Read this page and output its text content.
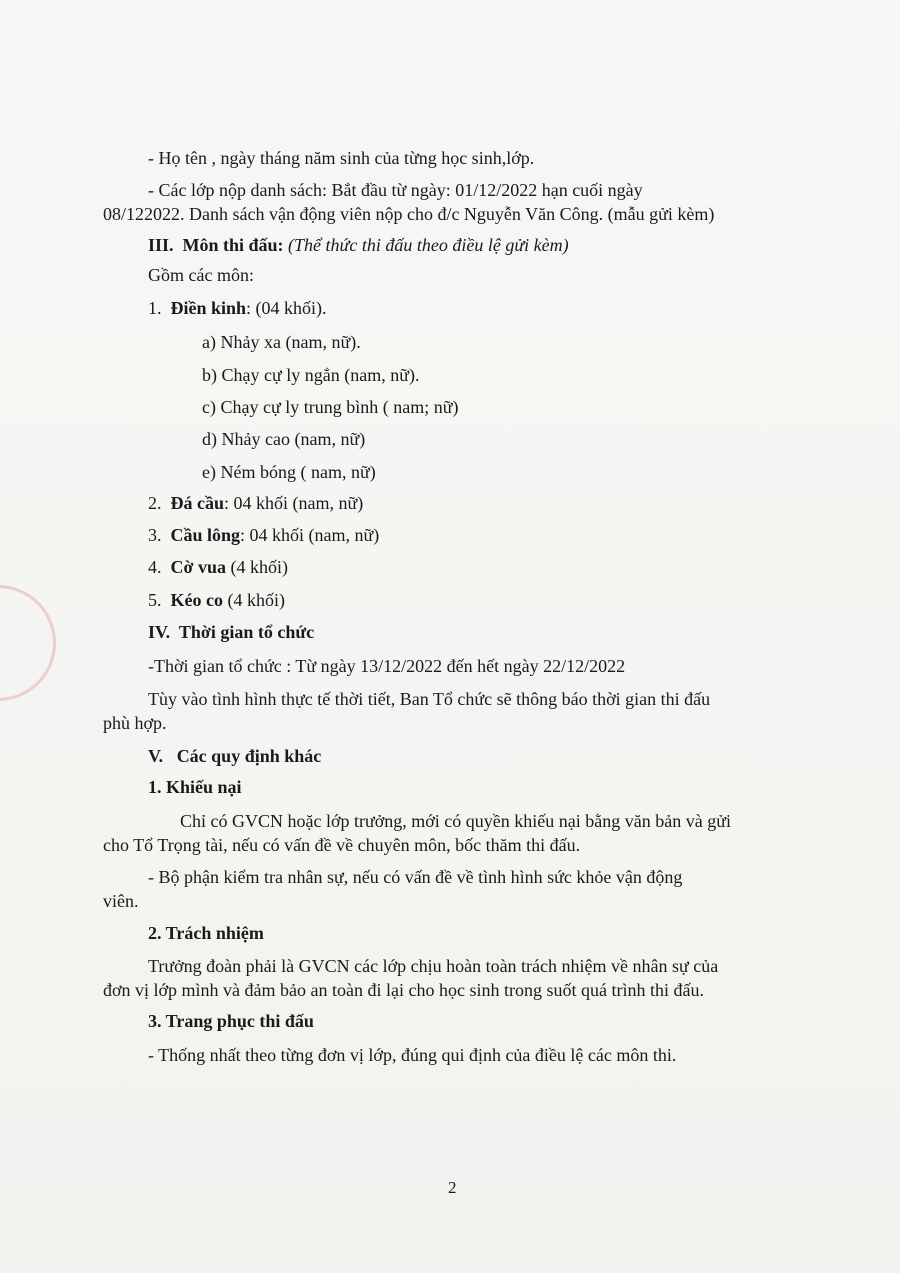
- Họ tên , ngày tháng năm sinh của từng học sinh,lớp.
- Các lớp nộp danh sách: Bắt đầu từ ngày: 01/12/2022 hạn cuối ngày
08/122022. Danh sách vận động viên nộp cho đ/c Nguyễn Văn Công. (mẫu gửi kèm)
III. Môn thi đấu: (Thể thức thi đấu theo điều lệ gửi kèm)
Gồm các môn:
1. Điền kinh: (04 khối).
a) Nhảy xa (nam, nữ).
b) Chạy cự ly ngắn (nam, nữ).
c) Chạy cự ly trung bình ( nam; nữ)
d) Nhảy cao (nam, nữ)
e) Ném bóng ( nam, nữ)
2. Đá cầu: 04 khối (nam, nữ)
3. Cầu lông: 04 khối (nam, nữ)
4. Cờ vua (4 khối)
5. Kéo co (4 khối)
IV. Thời gian tổ chức
-Thời gian tổ chức : Từ ngày 13/12/2022 đến hết ngày 22/12/2022
Tùy vào tình hình thực tế thời tiết, Ban Tổ chức sẽ thông báo thời gian thi đấu
phù hợp.
V. Các quy định khác
1. Khiếu nại
Chỉ có GVCN hoặc lớp trưởng, mới có quyền khiếu nại bằng văn bản và gửi
cho Tổ Trọng tài, nếu có vấn đề về chuyên môn, bốc thăm thi đấu.
- Bộ phận kiểm tra nhân sự, nếu có vấn đề về tình hình sức khỏe vận động
viên.
2. Trách nhiệm
Trưởng đoàn phải là GVCN các lớp chịu hoàn toàn trách nhiệm về nhân sự của
đơn vị lớp mình và đảm bảo an toàn đi lại cho học sinh trong suốt quá trình thi đấu.
3. Trang phục thi đấu
- Thống nhất theo từng đơn vị lớp, đúng qui định của điều lệ các môn thi.
2
